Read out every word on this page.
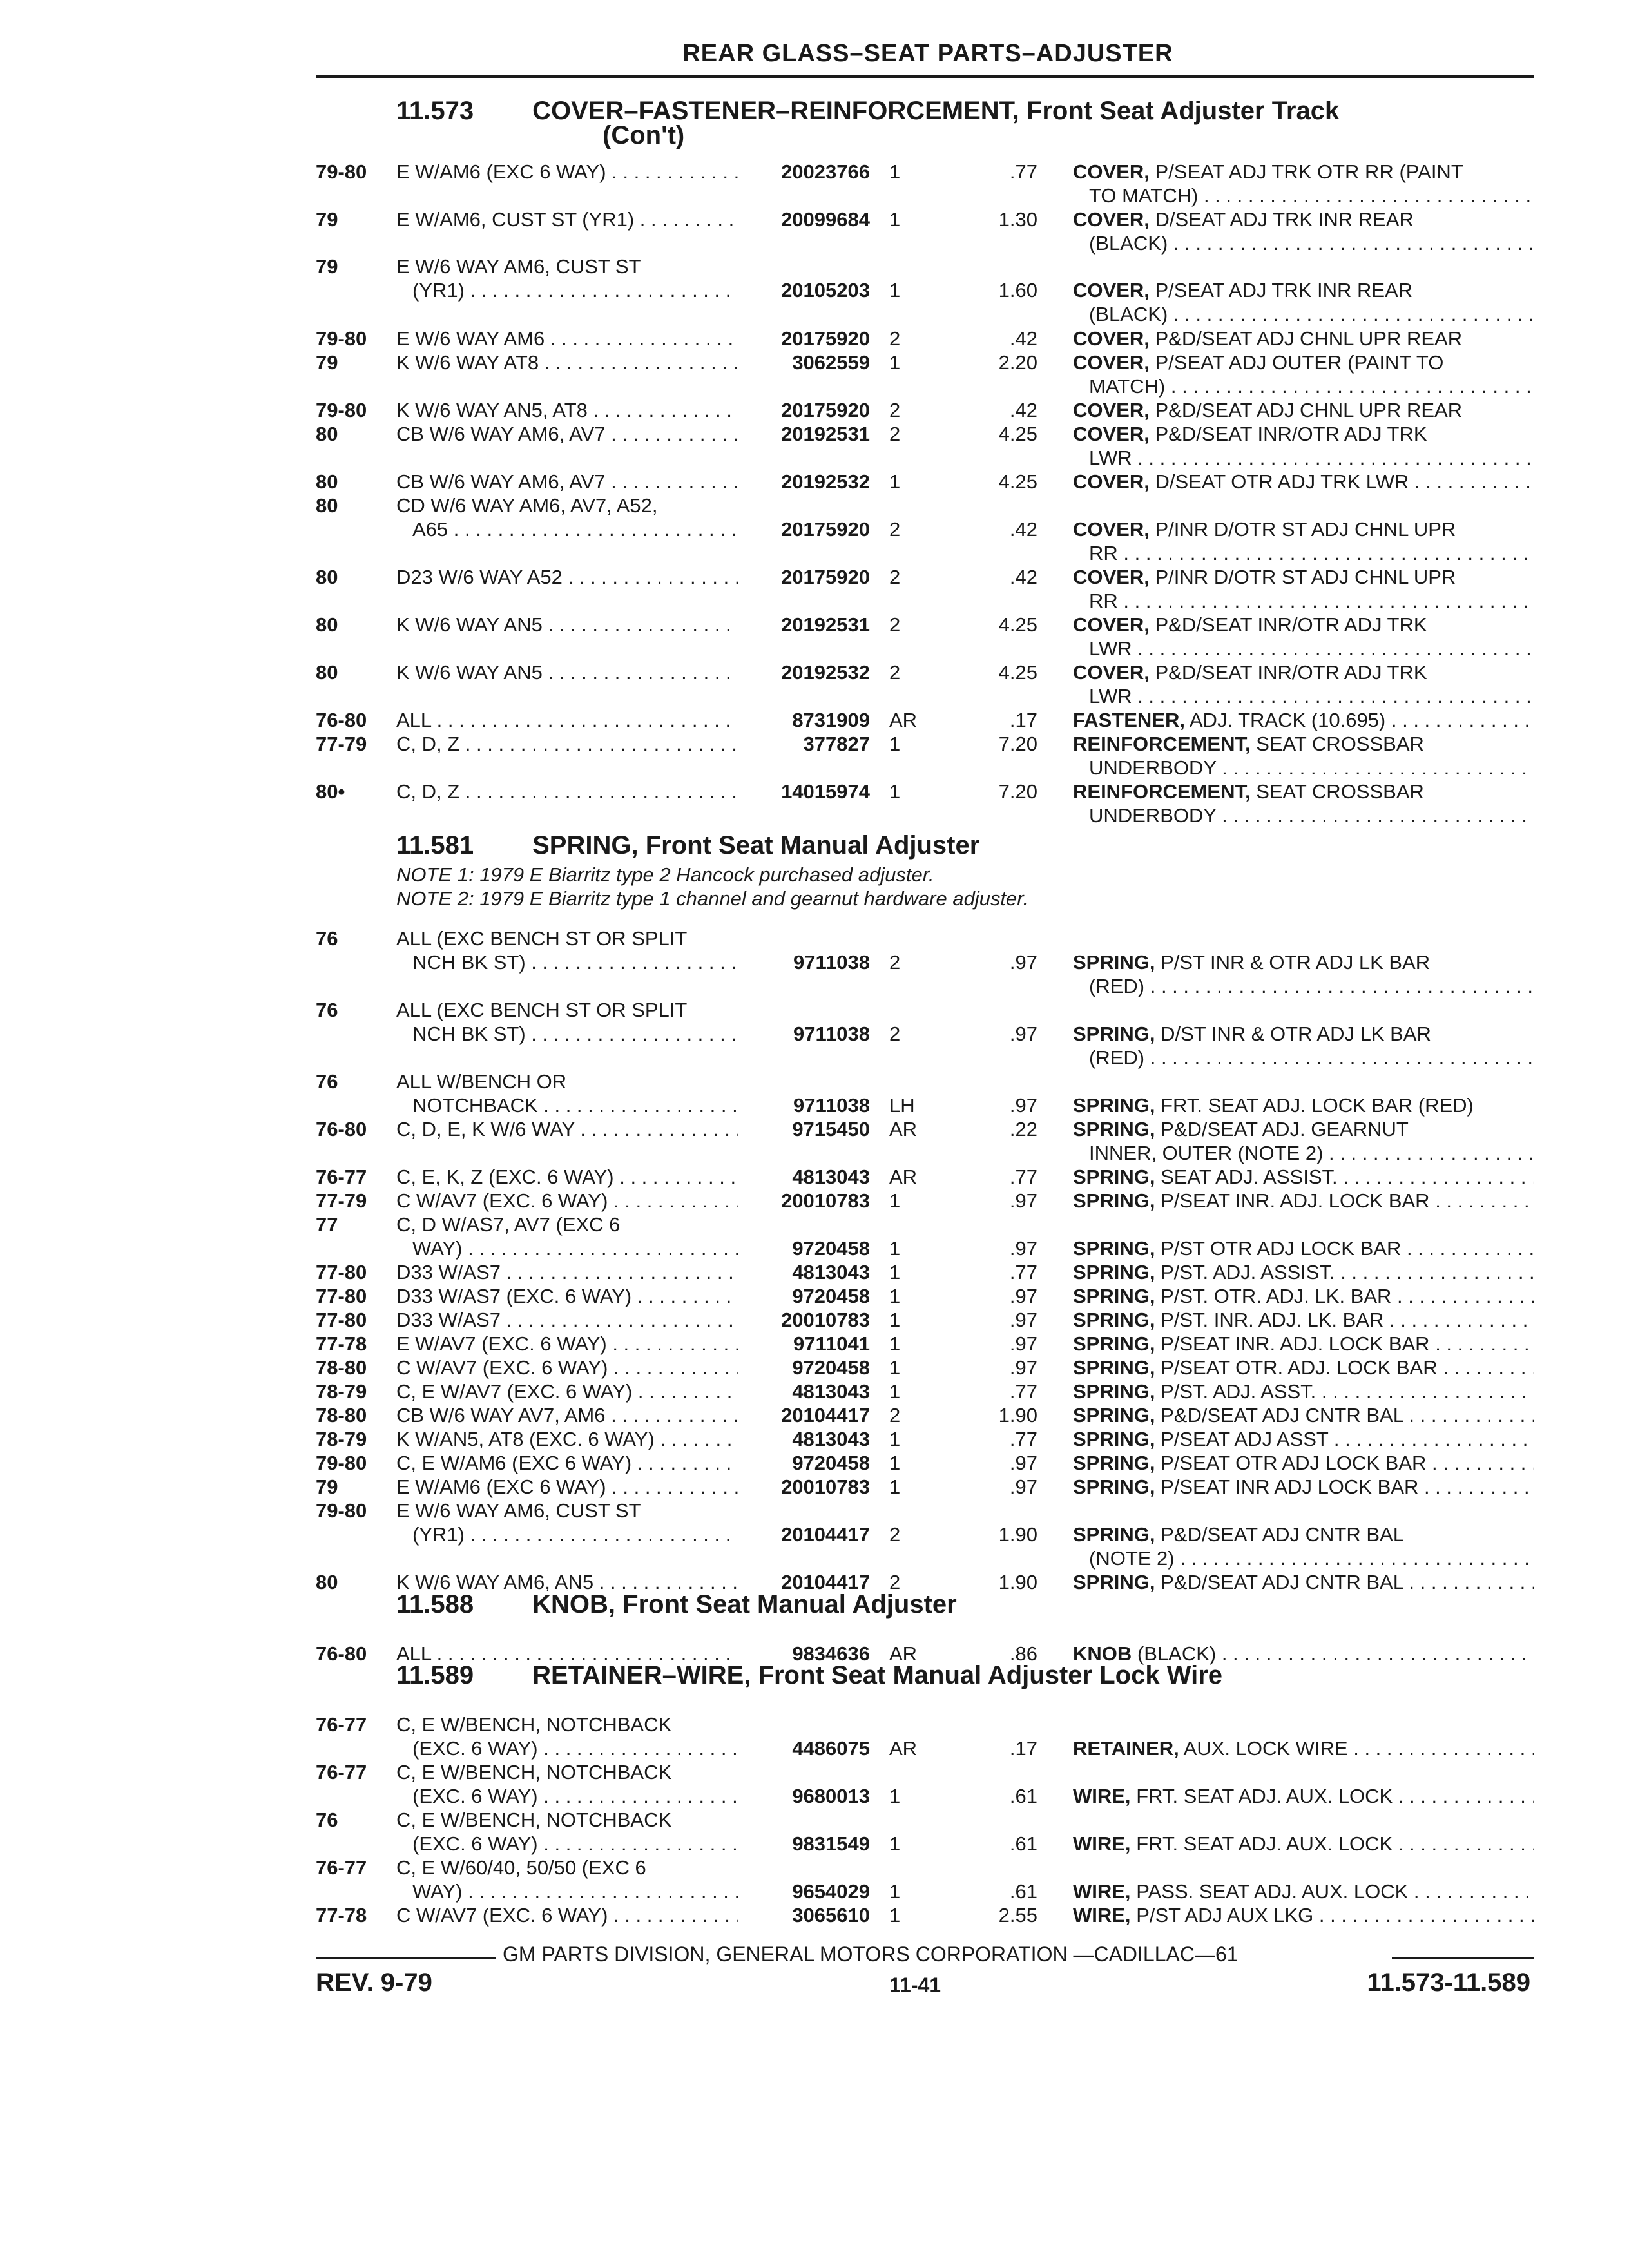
REAR GLASS–SEAT PARTS–ADJUSTER
11.573 COVER–FASTENER–REINFORCEMENT, Front Seat Adjuster Track
(Con't)
11.581 SPRING, Front Seat Manual Adjuster
NOTE 1: 1979 E Biarritz type 2 Hancock purchased adjuster.
NOTE 2: 1979 E Biarritz type 1 channel and gearnut hardware adjuster.
11.588 KNOB, Front Seat Manual Adjuster
11.589 RETAINER–WIRE, Front Seat Manual Adjuster Lock Wire
79-80	E W/AM6 (EXC 6 WAY) . . .	20023766 1	.77 COVER, P/SEAT ADJ TRK OTR RR (PAINT
TO MATCH) . . .
79	E W/AM6, CUST ST (YR1) . . .	20099684 1	1.30 COVER, D/SEAT ADJ TRK INR REAR
(BLACK) . . .
79	E W/6 WAY AM6, CUST ST
(YR1) . . .	20105203 1	1.60 COVER, P/SEAT ADJ TRK INR REAR
(BLACK) . . .
79-80	E W/6 WAY AM6 . . .	20175920 2	.42 COVER, P&D/SEAT ADJ CHNL UPR REAR
79	K W/6 WAY AT8 . . .	3062559 1	2.20 COVER, P/SEAT ADJ OUTER (PAINT TO
MATCH) . . .
79-80	K W/6 WAY AN5, AT8 . . .	20175920 2	.42 COVER, P&D/SEAT ADJ CHNL UPR REAR
80	CB W/6 WAY AM6, AV7 . . .	20192531 2	4.25 COVER, P&D/SEAT INR/OTR ADJ TRK
LWR . . .
80	CB W/6 WAY AM6, AV7 . . .	20192532 1	4.25 COVER, D/SEAT OTR ADJ TRK LWR . . .
80	CD W/6 WAY AM6, AV7, A52,
A65 . . .	20175920 2	.42 COVER, P/INR D/OTR ST ADJ CHNL UPR
RR . . .
80	D23 W/6 WAY A52 . . .	20175920 2	.42 COVER, P/INR D/OTR ST ADJ CHNL UPR
RR . . .
80	K W/6 WAY AN5 . . .	20192531 2	4.25 COVER, P&D/SEAT INR/OTR ADJ TRK
LWR . . .
80	K W/6 WAY AN5 . . .	20192532 2	4.25 COVER, P&D/SEAT INR/OTR ADJ TRK
LWR . . .
76-80	ALL . . .	8731909 AR	.17 FASTENER, ADJ. TRACK (10.695) . . .
77-79	C, D, Z . . .	377827 1	7.20 REINFORCEMENT, SEAT CROSSBAR
UNDERBODY . . .
80•	C, D, Z . . .	14015974 1	7.20 REINFORCEMENT, SEAT CROSSBAR
UNDERBODY . . .
76	ALL (EXC BENCH ST OR SPLIT
NCH BK ST) . . .	9711038 2	.97 SPRING, P/ST INR & OTR ADJ LK BAR
(RED) . . .
76	ALL (EXC BENCH ST OR SPLIT
NCH BK ST) . . .	9711038 2	.97 SPRING, D/ST INR & OTR ADJ LK BAR
(RED) . . .
76	ALL W/BENCH OR
NOTCHBACK . . .	9711038 LH	.97 SPRING, FRT. SEAT ADJ. LOCK BAR (RED)
76-80	C, D, E, K W/6 WAY . . .	9715450 AR	.22 SPRING, P&D/SEAT ADJ. GEARNUT
INNER, OUTER (NOTE 2) . . .
76-77	C, E, K, Z (EXC. 6 WAY) . . .	4813043 AR	.77 SPRING, SEAT ADJ. ASSIST. . . .
77-79	C W/AV7 (EXC. 6 WAY) . . .	20010783 1	.97 SPRING, P/SEAT INR. ADJ. LOCK BAR . . .
77	C, D W/AS7, AV7 (EXC 6
WAY) . . .	9720458 1	.97 SPRING, P/ST OTR ADJ LOCK BAR . . .
77-80	D33 W/AS7 . . .	4813043 1	.77 SPRING, P/ST. ADJ. ASSIST. . . .
77-80	D33 W/AS7 (EXC. 6 WAY) . . .	9720458 1	.97 SPRING, P/ST. OTR. ADJ. LK. BAR . . .
77-80	D33 W/AS7 . . .	20010783 1	.97 SPRING, P/ST. INR. ADJ. LK. BAR . . .
77-78	E W/AV7 (EXC. 6 WAY) . . .	9711041 1	.97 SPRING, P/SEAT INR. ADJ. LOCK BAR . . .
78-80	C W/AV7 (EXC. 6 WAY) . . .	9720458 1	.97 SPRING, P/SEAT OTR. ADJ. LOCK BAR . . .
78-79	C, E W/AV7 (EXC. 6 WAY) . . .	4813043 1	.77 SPRING, P/ST. ADJ. ASST. . . .
78-80	CB W/6 WAY AV7, AM6 . . .	20104417 2	1.90 SPRING, P&D/SEAT ADJ CNTR BAL . . .
78-79	K W/AN5, AT8 (EXC. 6 WAY) . . .	4813043 1	.77 SPRING, P/SEAT ADJ ASST . . .
79-80	C, E W/AM6 (EXC 6 WAY) . . .	9720458 1	.97 SPRING, P/SEAT OTR ADJ LOCK BAR . . .
79	E W/AM6 (EXC 6 WAY) . . .	20010783 1	.97 SPRING, P/SEAT INR ADJ LOCK BAR . . .
79-80	E W/6 WAY AM6, CUST ST
(YR1) . . .	20104417 2	1.90 SPRING, P&D/SEAT ADJ CNTR BAL
(NOTE 2) . . .
80	K W/6 WAY AM6, AN5 . . .	20104417 2	1.90 SPRING, P&D/SEAT ADJ CNTR BAL . . .
76-80	ALL . . .	9834636 AR	.86 KNOB (BLACK) . . .
76-77	C, E W/BENCH, NOTCHBACK
(EXC. 6 WAY) . . .	4486075 AR	.17 RETAINER, AUX. LOCK WIRE . . .
76-77	C, E W/BENCH, NOTCHBACK
(EXC. 6 WAY) . . .	9680013 1	.61 WIRE, FRT. SEAT ADJ. AUX. LOCK . . .
76	C, E W/BENCH, NOTCHBACK
(EXC. 6 WAY) . . .	9831549 1	.61 WIRE, FRT. SEAT ADJ. AUX. LOCK . . .
76-77	C, E W/60/40, 50/50 (EXC 6
WAY) . . .	9654029 1	.61 WIRE, PASS. SEAT ADJ. AUX. LOCK . . .
77-78	C W/AV7 (EXC. 6 WAY) . . .	3065610 1	2.55 WIRE, P/ST ADJ AUX LKG . . .
GM PARTS DIVISION, GENERAL MOTORS CORPORATION —CADILLAC—61
REV. 9-79	11-41	11.573-11.589
